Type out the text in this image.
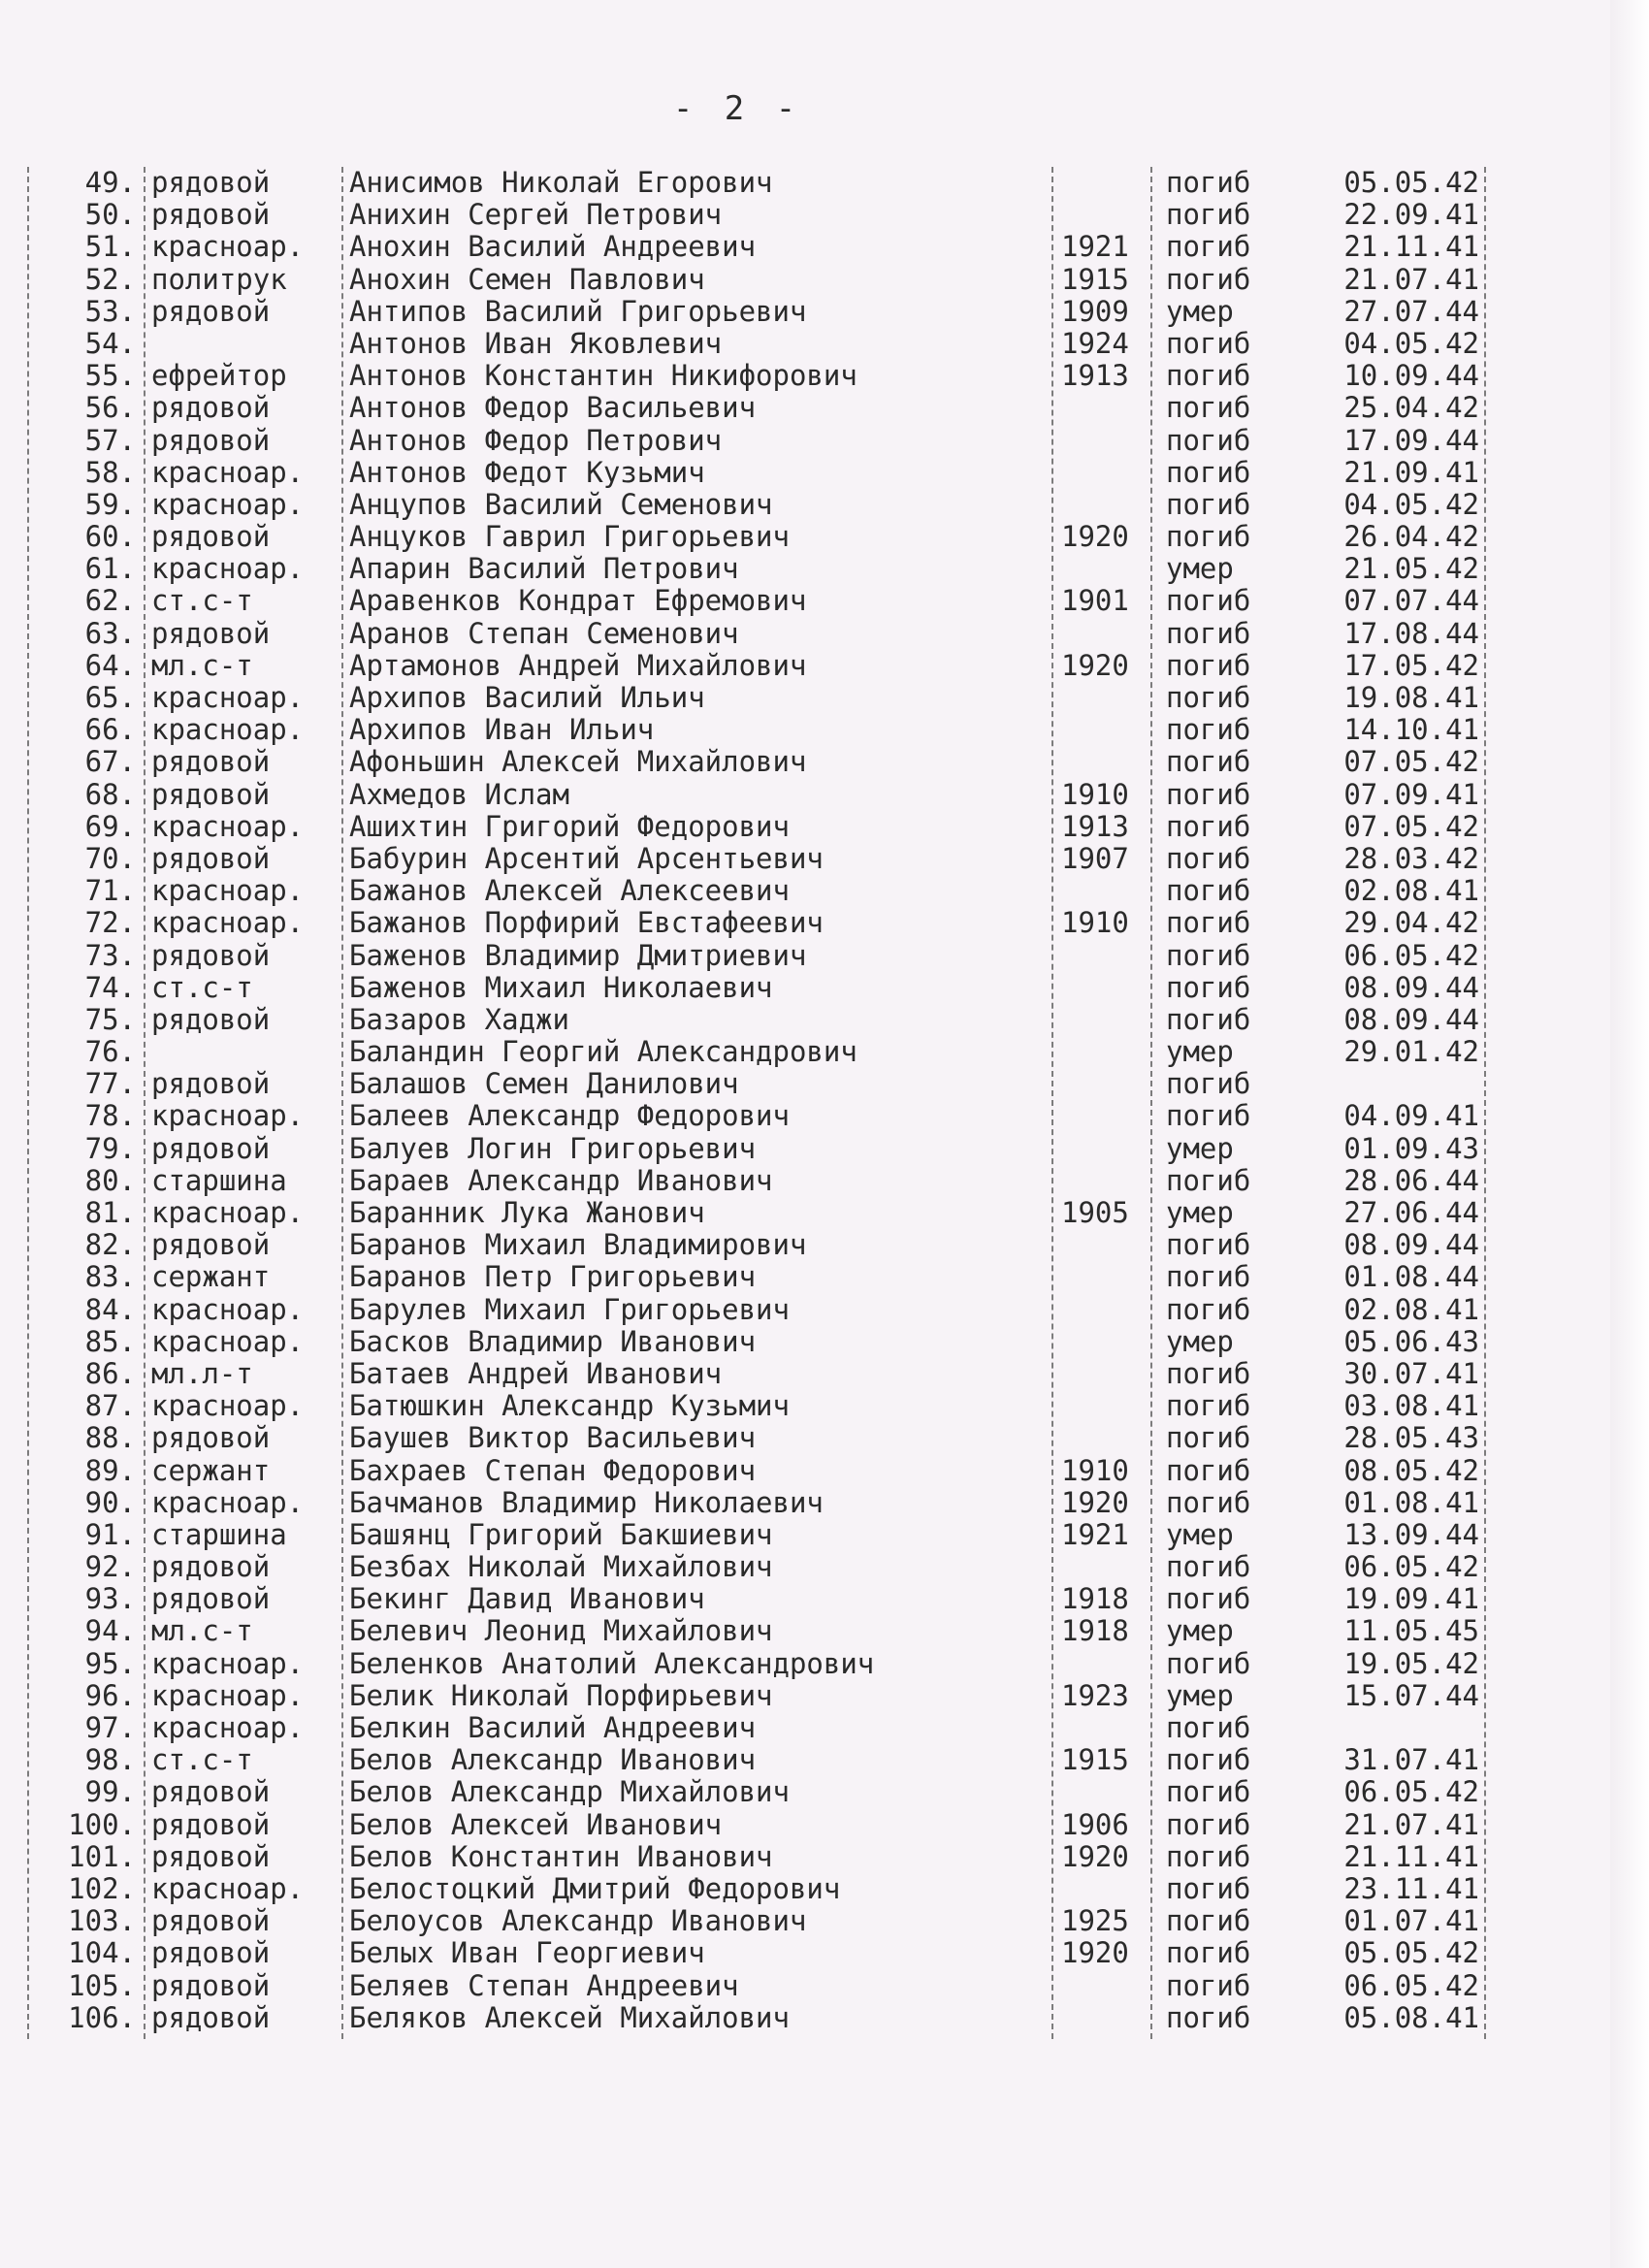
- 2 -
49. рядовой	Анисимов Николай Егорович	погиб	05.05.42
50. рядовой	Анихин Сергей Петрович	погиб	22.09.41
51. красноар. Анохин Василий Андреевич	1921 погиб	21.11.41
52. политрук Анохин Семен Павлович	1915 погиб	21.07.41
53. рядовой	Антипов Василий Григорьевич	1909 умер	27.07.44
54.	Антонов Иван Яковлевич	1924 погиб	04.05.42
55. ефрейтор Антонов Константин Никифорович	1913 погиб	10.09.44
56. рядовой	Антонов Федор Васильевич	погиб	25.04.42
57. рядовой	Антонов Федор Петрович	погиб	17.09.44
58. красноар. Антонов Федот Кузьмич	погиб	21.09.41
59. красноар. Анцупов Василий Семенович	погиб	04.05.42
60. рядовой	Анцуков Гаврил Григорьевич	1920 погиб	26.04.42
61. красноар. Апарин Василий Петрович	умер	21.05.42
62. ст.с-т	Аравенков Кондрат Ефремович	1901 погиб	07.07.44
63. рядовой	Аранов Степан Семенович	погиб	17.08.44
64. мл.с-т	Артамонов Андрей Михайлович	1920 погиб	17.05.42
65. красноар. Архипов Василий Ильич	погиб	19.08.41
66. красноар. Архипов Иван Ильич	погиб	14.10.41
67. рядовой	Афоньшин Алексей Михайлович	погиб	07.05.42
68. рядовой	Ахмедов Ислам	1910 погиб	07.09.41
69. красноар. Ашихтин Григорий Федорович	1913 погиб	07.05.42
70. рядовой	Бабурин Арсентий Арсентьевич	1907 погиб	28.03.42
71. красноар. Бажанов Алексей Алексеевич	погиб	02.08.41
72. красноар. Бажанов Порфирий Евстафеевич	1910 погиб	29.04.42
73. рядовой	Баженов Владимир Дмитриевич	погиб	06.05.42
74. ст.с-т	Баженов Михаил Николаевич	погиб	08.09.44
75. рядовой	Базаров Хаджи	погиб	08.09.44
76.	Баландин Георгий Александрович	умер	29.01.42
77. рядовой	Балашов Семен Данилович	погиб
78. красноар. Балеев Александр Федорович	погиб	04.09.41
79. рядовой	Балуев Логин Григорьевич	умер	01.09.43
80. старшина Бараев Александр Иванович	погиб	28.06.44
81. красноар. Баранник Лука Жанович	1905 умер	27.06.44
82. рядовой	Баранов Михаил Владимирович	погиб	08.09.44
83. сержант	Баранов Петр Григорьевич	погиб	01.08.44
84. красноар. Барулев Михаил Григорьевич	погиб	02.08.41
85. красноар. Басков Владимир Иванович	умер	05.06.43
86. мл.л-т	Батаев Андрей Иванович	погиб	30.07.41
87. красноар. Батюшкин Александр Кузьмич	погиб	03.08.41
88. рядовой	Баушев Виктор Васильевич	погиб	28.05.43
89. сержант	Бахраев Степан Федорович	1910 погиб	08.05.42
90. красноар. Бачманов Владимир Николаевич	1920 погиб	01.08.41
91. старшина Башянц Григорий Бакшиевич	1921 умер	13.09.44
92. рядовой	Безбах Николай Михайлович	погиб	06.05.42
93. рядовой	Бекинг Давид Иванович	1918 погиб	19.09.41
94. мл.с-т	Белевич Леонид Михайлович	1918 умер	11.05.45
95. красноар. Беленков Анатолий Александрович	погиб	19.05.42
96. красноар. Белик Николай Порфирьевич	1923 умер	15.07.44
97. красноар. Белкин Василий Андреевич	погиб
98. ст.с-т	Белов Александр Иванович	1915 погиб	31.07.41
99. рядовой	Белов Александр Михайлович	погиб	06.05.42
100. рядовой	Белов Алексей Иванович	1906 погиб	21.07.41
101. рядовой	Белов Константин Иванович	1920 погиб	21.11.41
102. красноар. Белостоцкий Дмитрий Федорович	погиб	23.11.41
103. рядовой	Белоусов Александр Иванович	1925 погиб	01.07.41
104. рядовой	Белых Иван Георгиевич	1920 погиб	05.05.42
105. рядовой	Беляев Степан Андреевич	погиб	06.05.42
106. рядовой	Беляков Алексей Михайлович	погиб	05.08.41
